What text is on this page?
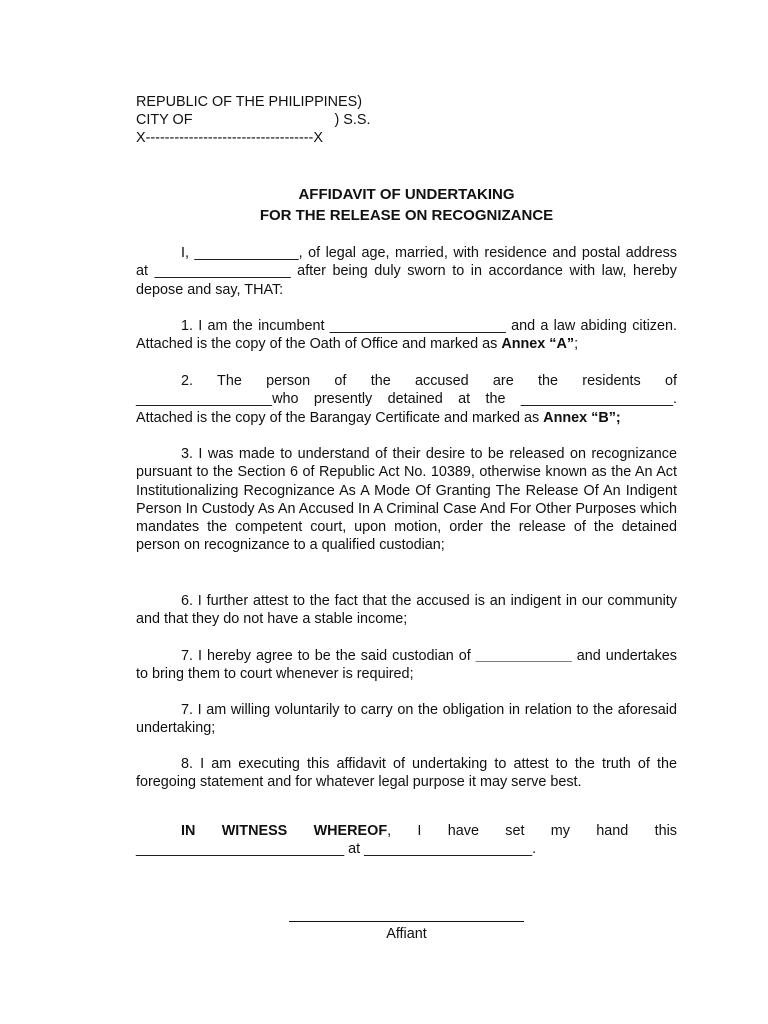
REPUBLIC OF THE PHILIPPINES)
CITY OF	) S.S.
X-----------------------------------X
AFFIDAVIT OF UNDERTAKING
FOR THE RELEASE ON RECOGNIZANCE
I, _____________, of legal age, married, with residence and postal address at _________________ after being duly sworn to in accordance with law, hereby depose and say, THAT:
1. I am the incumbent ______________________ and a law abiding citizen. Attached is the copy of the Oath of Office and marked as Annex “A”;
2. The person of the accused are the residents of
_________________who presently detained at the ___________________.
Attached is the copy of the Barangay Certificate and marked as Annex “B”;
3. I was made to understand of their desire to be released on recognizance pursuant to the Section 6 of Republic Act No. 10389, otherwise known as the An Act Institutionalizing Recognizance As A Mode Of Granting The Release Of An Indigent Person In Custody As An Accused In A Criminal Case And For Other Purposes which mandates the competent court, upon motion, order the release of the detained person on recognizance to a qualified custodian;
6. I further attest to the fact that the accused is an indigent in our community and that they do not have a stable income;
7. I hereby agree to be the said custodian of ____________ and undertakes to bring them to court whenever is required;
7. I am willing voluntarily to carry on the obligation in relation to the aforesaid undertaking;
8. I am executing this affidavit of undertaking to attest to the truth of the foregoing statement and for whatever legal purpose it may serve best.
IN WITNESS WHEREOF, I have set my hand this
__________________________ at _____________________.
Affiant
